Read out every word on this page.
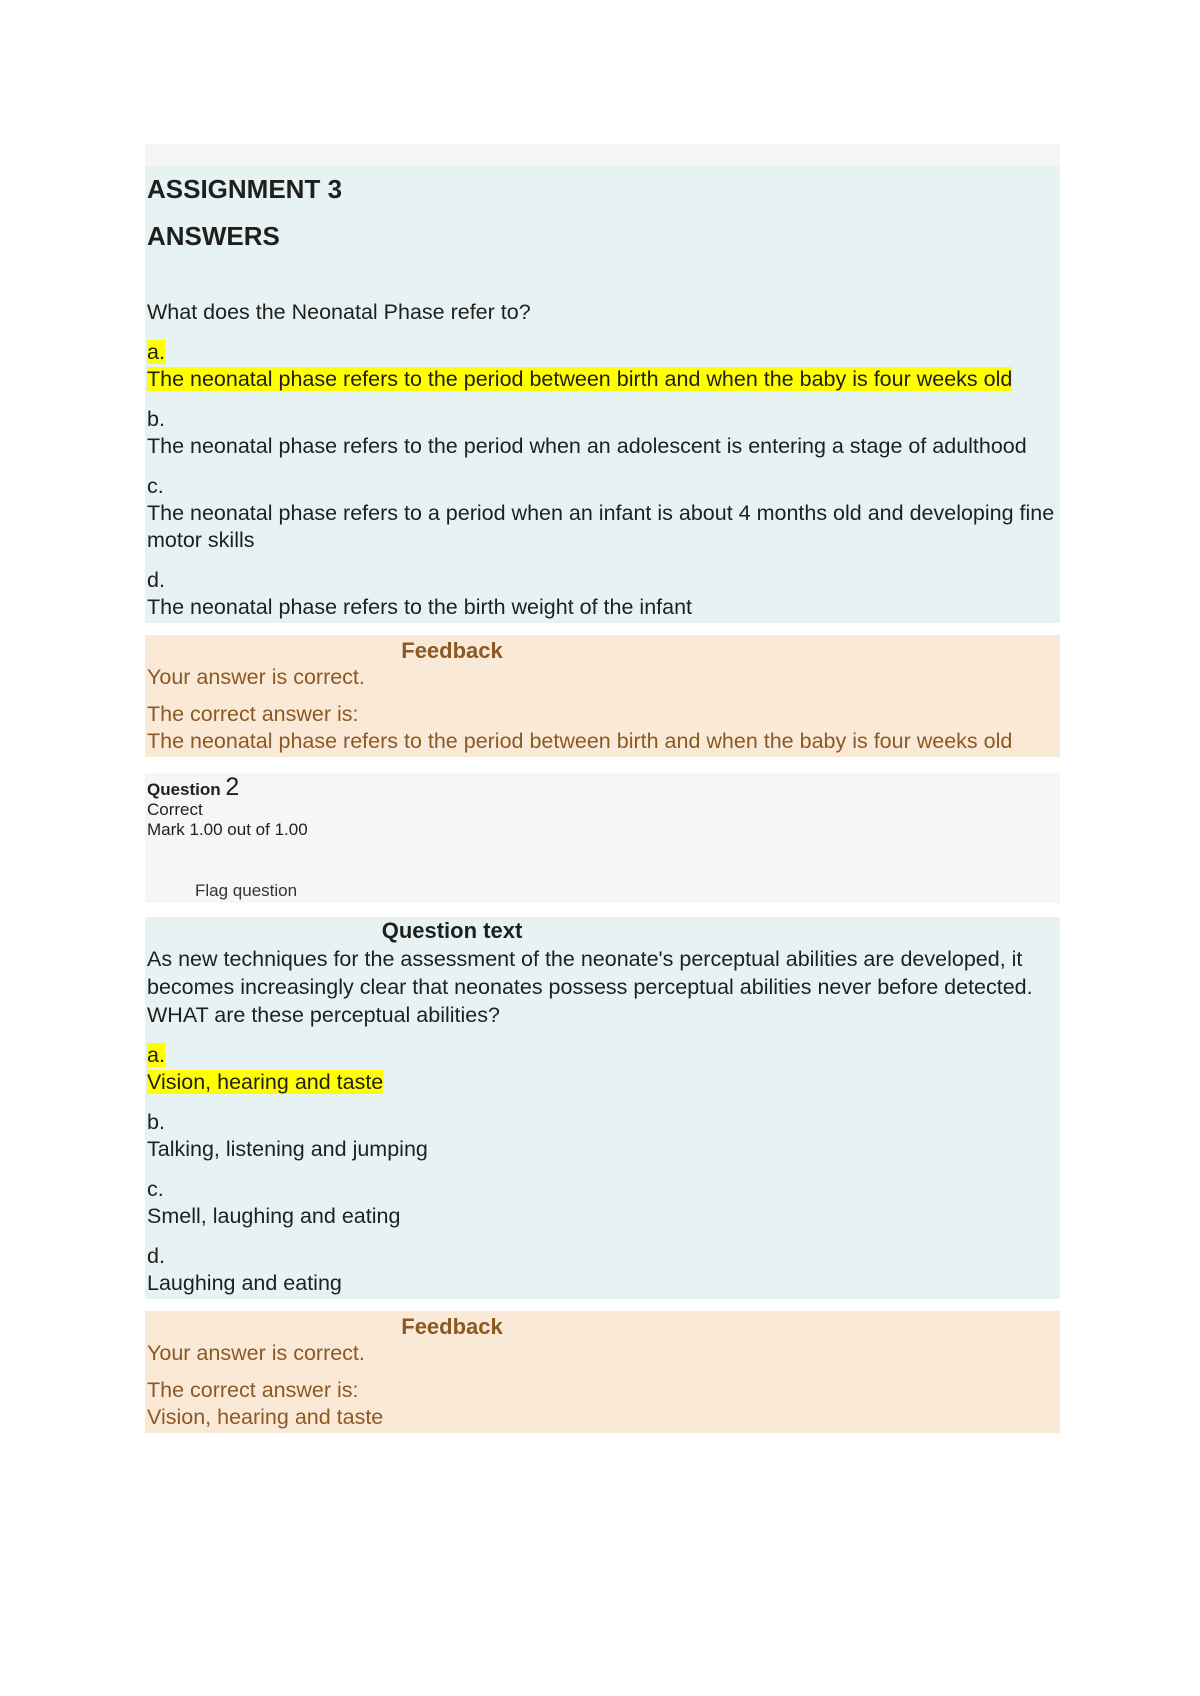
ASSIGNMENT 3
ANSWERS
What does the Neonatal Phase refer to?
a.
The neonatal phase refers to the period between birth and when the baby is four weeks old
b.
The neonatal phase refers to the period when an adolescent is entering a stage of adulthood
c.
The neonatal phase refers to a period when an infant is about 4 months old and developing fine motor skills
d.
The neonatal phase refers to the birth weight of the infant
Feedback
Your answer is correct.
The correct answer is:
The neonatal phase refers to the period between birth and when the baby is four weeks old
Question 2
Correct
Mark 1.00 out of 1.00
Flag question
Question text
As new techniques for the assessment of the neonate's perceptual abilities are developed, it becomes increasingly clear that neonates possess perceptual abilities never before detected. WHAT are these perceptual abilities?
a.
Vision, hearing and taste
b.
Talking, listening and jumping
c.
Smell, laughing and eating
d.
Laughing and eating
Feedback
Your answer is correct.
The correct answer is:
Vision, hearing and taste
